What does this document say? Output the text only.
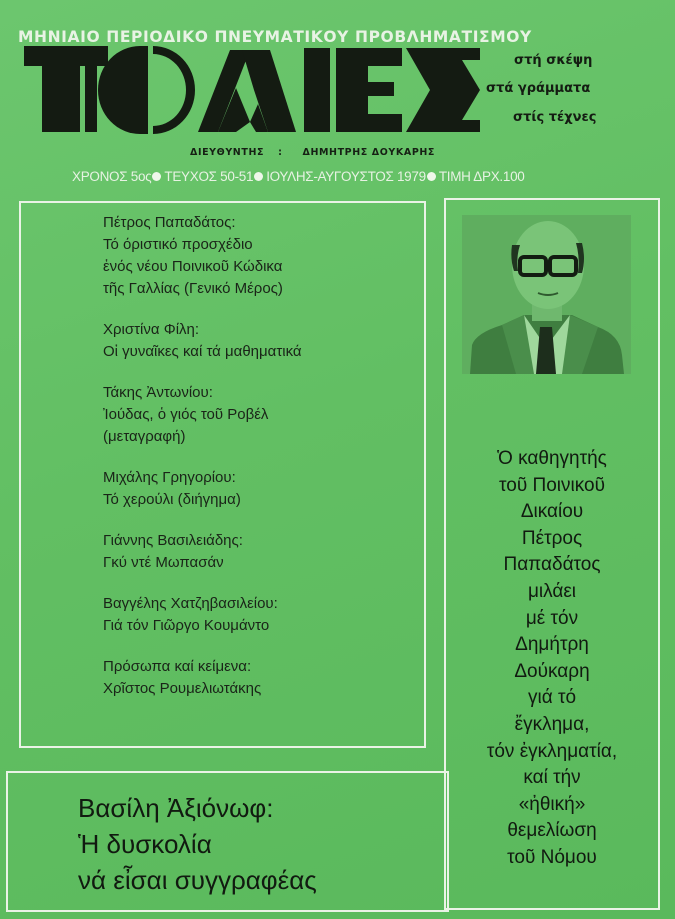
ΜΗΝΙΑΙΟ ΠΕΡΙΟΔΙΚΟ ΠΝΕΥΜΑΤΙΚΟΥ ΠΡΟΒΛΗΜΑΤΙΣΜΟΥ
στή σκέψη
στά γράμματα
στίς τέχνες
ΔΙΕΥΘΥΝΤΗΣ : ΔΗΜΗΤΡΗΣ ΔΟΥΚΑΡΗΣ
ΧΡΟΝΟΣ 5ος ΤΕΥΧΟΣ 50-51 ΙΟΥΛΗΣ-ΑΥΓΟΥΣΤΟΣ 1979 ΤΙΜΗ ΔΡΧ.100
Πέτρος Παπαδάτος:
Τό όριστικό προσχέδιο
ἑνός νέου Ποινικοῦ Κώδικα
τῆς Γαλλίας (Γενικό Μέρος)
Χριστίνα Φίλη:
Οἱ γυναῖκες καί τά μαθηματικά
Τάκης Ἀντωνίου:
Ἰούδας, ὁ γιός τοῦ Ροβέλ
(μεταγραφή)
Μιχάλης Γρηγορίου:
Τό χερούλι (διήγημα)
Γιάννης Βασιλειάδης:
Γκύ ντέ Μωπασάν
Βαγγέλης Χατζηβασιλείου:
Γιά τόν Γιῶργο Κουμάντο
Πρόσωπα καί κείμενα:
Χρῖστος Ρουμελιωτάκης
Ὁ καθηγητής
τοῦ Ποινικοῦ
Δικαίου
Πέτρος
Παπαδάτος
μιλάει
μέ τόν
Δημήτρη
Δούκαρη
γιά τό
ἔγκλημα,
τόν ἐγκληματία,
καί τήν
«ἠθική»
θεμελίωση
τοῦ Νόμου
Βασίλη Ἀξιόνωφ:
Ἡ δυσκολία
νά εἶσαι συγγραφέας
